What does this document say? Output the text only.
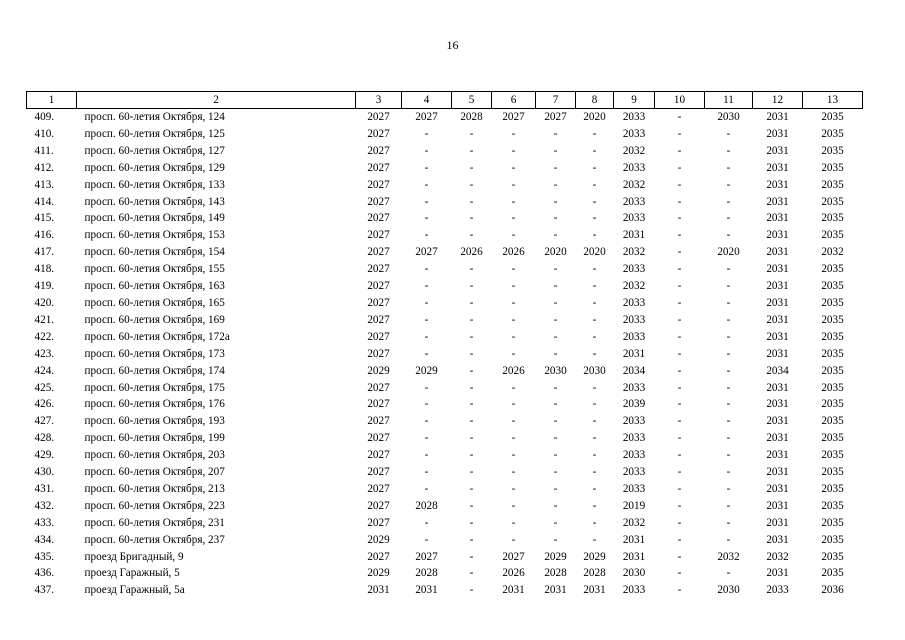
16
1	2	3	4	5	6	7	8	9	10	11	12	13
409.	просп. 60-летия Октября, 124	2027	2027	2028	2027	2027	2020	2033	-	2030	2031	2035
410.	просп. 60-летия Октября, 125	2027	-	-	-	-	-	2033	-	-	2031	2035
411.	просп. 60-летия Октября, 127	2027	-	-	-	-	-	2032	-	-	2031	2035
412.	просп. 60-летия Октября, 129	2027	-	-	-	-	-	2033	-	-	2031	2035
413.	просп. 60-летия Октября, 133	2027	-	-	-	-	-	2032	-	-	2031	2035
414.	просп. 60-летия Октября, 143	2027	-	-	-	-	-	2033	-	-	2031	2035
415.	просп. 60-летия Октября, 149	2027	-	-	-	-	-	2033	-	-	2031	2035
416.	просп. 60-летия Октября, 153	2027	-	-	-	-	-	2031	-	-	2031	2035
417.	просп. 60-летия Октября, 154	2027	2027	2026	2026	2020	2020	2032	-	2020	2031	2032
418.	просп. 60-летия Октября, 155	2027	-	-	-	-	-	2033	-	-	2031	2035
419.	просп. 60-летия Октября, 163	2027	-	-	-	-	-	2032	-	-	2031	2035
420.	просп. 60-летия Октября, 165	2027	-	-	-	-	-	2033	-	-	2031	2035
421.	просп. 60-летия Октября, 169	2027	-	-	-	-	-	2033	-	-	2031	2035
422.	просп. 60-летия Октября, 172а	2027	-	-	-	-	-	2033	-	-	2031	2035
423.	просп. 60-летия Октября, 173	2027	-	-	-	-	-	2031	-	-	2031	2035
424.	просп. 60-летия Октября, 174	2029	2029	-	2026	2030	2030	2034	-	-	2034	2035
425.	просп. 60-летия Октября, 175	2027	-	-	-	-	-	2033	-	-	2031	2035
426.	просп. 60-летия Октября, 176	2027	-	-	-	-	-	2039	-	-	2031	2035
427.	просп. 60-летия Октября, 193	2027	-	-	-	-	-	2033	-	-	2031	2035
428.	просп. 60-летия Октября, 199	2027	-	-	-	-	-	2033	-	-	2031	2035
429.	просп. 60-летия Октября, 203	2027	-	-	-	-	-	2033	-	-	2031	2035
430.	просп. 60-летия Октября, 207	2027	-	-	-	-	-	2033	-	-	2031	2035
431.	просп. 60-летия Октября, 213	2027	-	-	-	-	-	2033	-	-	2031	2035
432.	просп. 60-летия Октября, 223	2027	2028	-	-	-	-	2019	-	-	2031	2035
433.	просп. 60-летия Октября, 231	2027	-	-	-	-	-	2032	-	-	2031	2035
434.	просп. 60-летия Октября, 237	2029	-	-	-	-	-	2031	-	-	2031	2035
435.	проезд Бригадный, 9	2027	2027	-	2027	2029	2029	2031	-	2032	2032	2035
436.	проезд Гаражный, 5	2029	2028	-	2026	2028	2028	2030	-	-	2031	2035
437.	проезд Гаражный, 5а	2031	2031	-	2031	2031	2031	2033	-	2030	2033	2036
